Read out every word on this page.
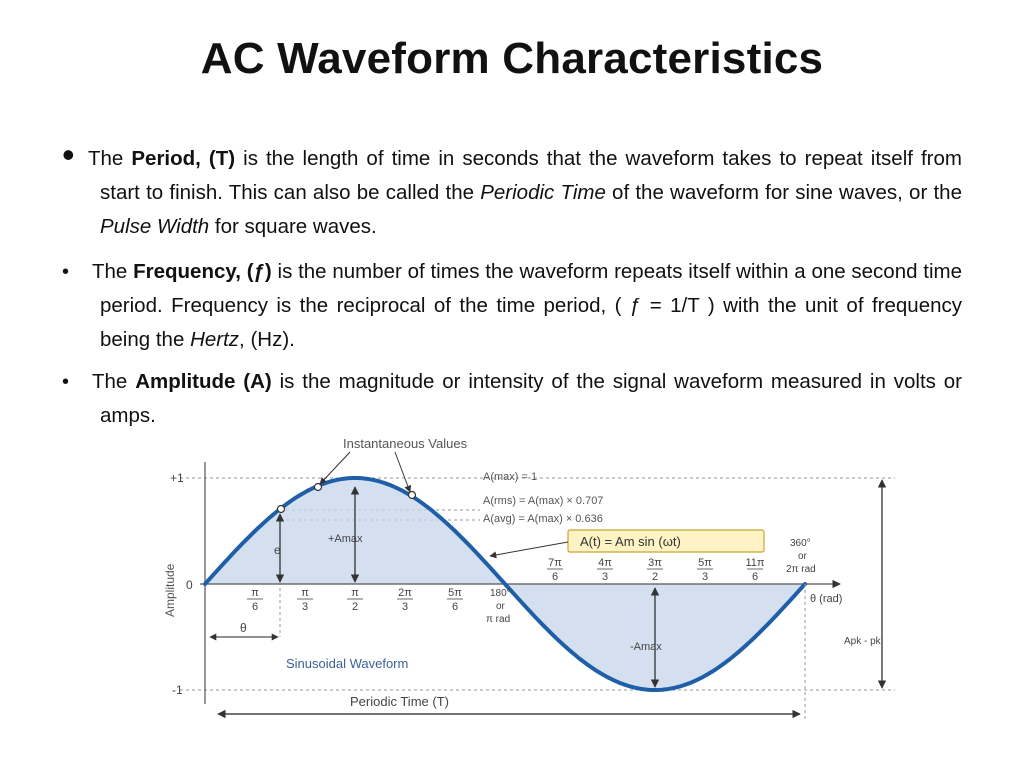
AC Waveform Characteristics
• The Period, (T) is the length of time in seconds that the waveform takes to repeat itself from start to finish. This can also be called the Periodic Time of the waveform for sine waves, or the Pulse Width for square waves.
• The Frequency, (ƒ) is the number of times the waveform repeats itself within a one second time period. Frequency is the reciprocal of the time period, ( ƒ = 1/T ) with the unit of frequency being the Hertz, (Hz).
• The Amplitude (A) is the magnitude or intensity of the signal waveform measured in volts or amps.
Instantaneous Values
+1
-1
0
Amplitude
A(max) = 1
A(rms) = A(max) × 0.707
A(avg) = A(max) × 0.636
A(t) = Am sin (ωt)
+Amax
-Amax
e
θ
θ (rad)
180°
or
π rad
360°
or
2π rad
Apk - pk
Sinusoidal Waveform
Periodic Time (T)
π
6
π
3
π
2
2π
3
5π
6
7π
6
4π
3
3π
2
5π
3
11π
6
